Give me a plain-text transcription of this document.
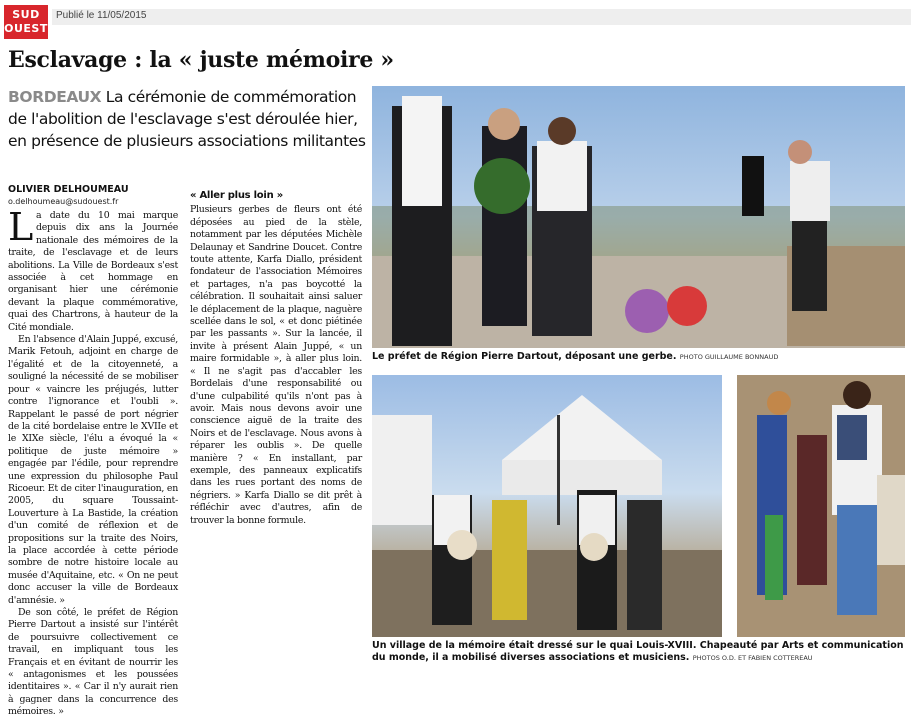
SUD
OUEST
Publié le 11/05/2015
Esclavage : la « juste mémoire »
BORDEAUX La cérémonie de commémoration de l'abolition de l'esclavage s'est déroulée hier, en présence de plusieurs associations militantes
OLIVIER DELHOUMEAU
o.delhoumeau@sudouest.fr

La date du 10 mai marque depuis dix ans la Journée nationale des mémoires de la traite, de l'esclavage et de leurs abolitions. La Ville de Bordeaux s'est associée à cet hommage en organisant hier une cérémonie devant la plaque commémorative, quai des Chartrons, à hauteur de la Cité mondiale.

En l'absence d'Alain Juppé, excusé, Marik Fetouh, adjoint en charge de l'égalité et de la citoyenneté, a souligné la nécessité de se mobiliser pour « vaincre les préjugés, lutter contre l'ignorance et l'oubli ». Rappelant le passé de port négrier de la cité bordelaise entre le XVIIe et le XIXe siècle, l'élu a évoqué la « politique de juste mémoire » engagée par l'édile, pour reprendre une expression du philosophe Paul Ricoeur. Et de citer l'inauguration, en 2005, du square Toussaint-Louverture à La Bastide, la création d'un comité de réflexion et de propositions sur la traite des Noirs, la place accordée à cette période sombre de notre histoire locale au musée d'Aquitaine, etc. « On ne peut donc accuser la ville de Bordeaux d'amnésie. »

De son côté, le préfet de Région Pierre Dartout a insisté sur l'intérêt de poursuivre collectivement ce travail, en impliquant tous les Français et en évitant de nourrir les « antagonismes et les poussées identitaires ». « Car il n'y aurait rien à gagner dans la concurrence des mémoires. »

« Aller plus loin »

Plusieurs gerbes de fleurs ont été déposées au pied de la stèle, notamment par les députées Michèle Delaunay et Sandrine Doucet. Contre toute attente, Karfa Diallo, président fondateur de l'association Mémoires et partages, n'a pas boycotté la célébration. Il souhaitait ainsi saluer le déplacement de la plaque, naguère scellée dans le sol, « et donc piétinée par les passants ». Sur la lancée, il invite à présent Alain Juppé, « un maire formidable », à aller plus loin. « Il ne s'agit pas d'accabler les Bordelais d'une responsabilité ou d'une culpabilité qu'ils n'ont pas à avoir. Mais nous devons avoir une conscience aiguë de la traite des Noirs et de l'esclavage. Nous avons à réparer les oublis ». De quelle manière ? « En installant, par exemple, des panneaux explicatifs dans les rues portant des noms de négriers. » Karfa Diallo se dit prêt à réfléchir avec d'autres, afin de trouver la bonne formule.

Le préfet de Région Pierre Dartout, déposant une gerbe. PHOTO GUILLAUME BONNAUD
Un village de la mémoire était dressé sur le quai Louis-XVIII. Chapeauté par Arts et communication du monde, il a mobilisé diverses associations et musiciens. PHOTOS O.D. ET FABIEN COTTEREAU
